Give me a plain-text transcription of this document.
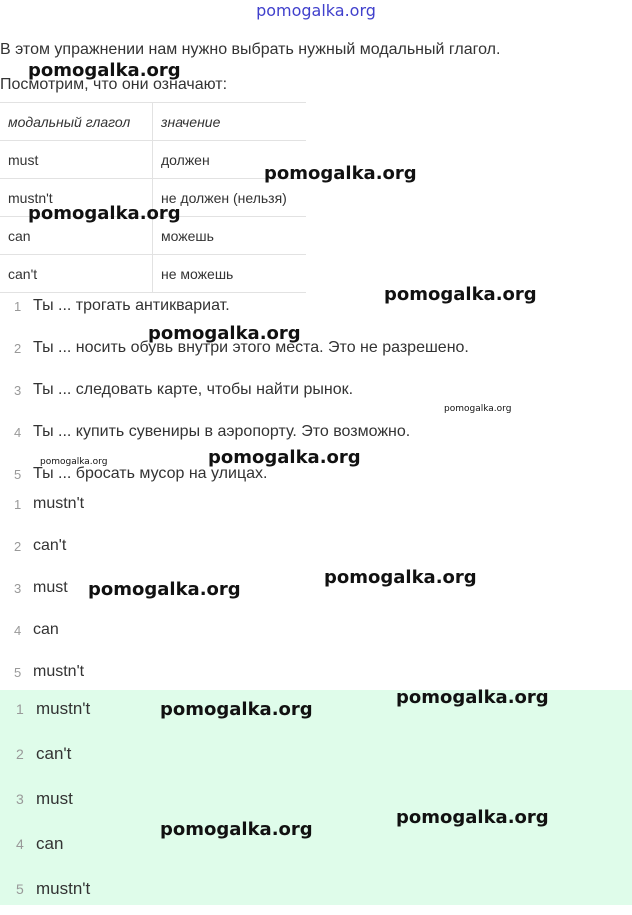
pomogalka.org
В этом упражнении нам нужно выбрать нужный модальный глагол.
Посмотрим, что они означают:
модальный глагол	значение
must	должен
mustn't	не должен (нельзя)
can	можешь
can't	не можешь
1 Ты ... трогать антиквариат.
2 Ты ... носить обувь внутри этого места. Это не разрешено.
3 Ты ... следовать карте, чтобы найти рынок.
4 Ты ... купить сувениры в аэропорту. Это возможно.
5 Ты ... бросать мусор на улицах.
1 mustn't
2 can't
3 must
4 can
5 mustn't
1 mustn't
2 can't
3 must
4 can
5 mustn't
pomogalka.org
pomogalka.org
pomogalka.org
pomogalka.org
pomogalka.org
pomogalka.org
pomogalka.org	pomogalka.org
pomogalka.org
pomogalka.org
pomogalka.org
pomogalka.org
pomogalka.org
pomogalka.org
